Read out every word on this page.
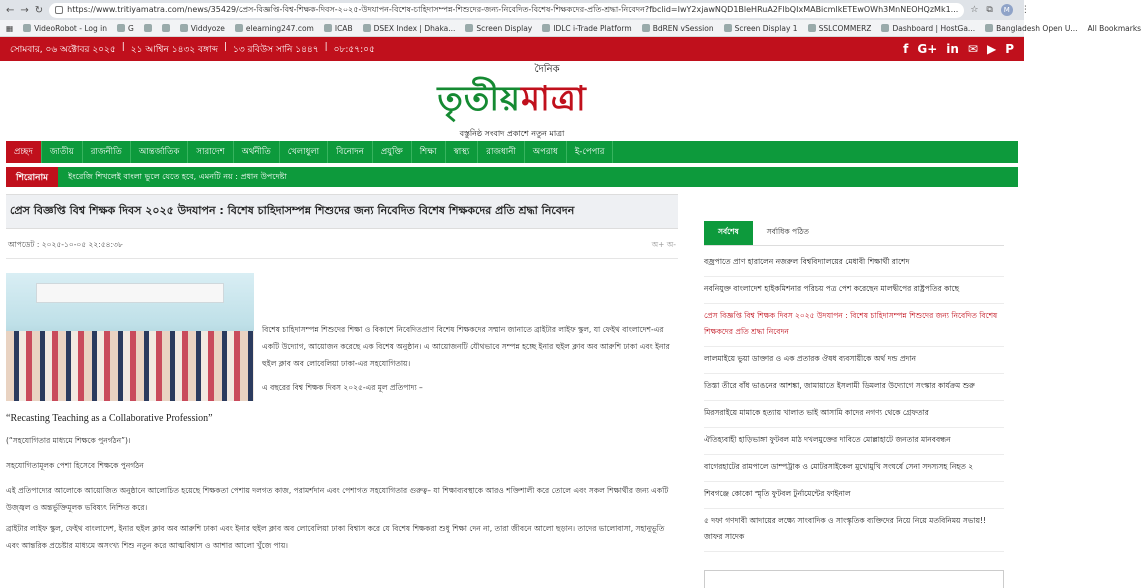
← → ↻	https://www.tritiyamatra.com/news/35429/প্রেস-বিজ্ঞপ্তি-বিশ্ব-শিক্ষক-দিবস-২০২৫-উদযাপন-বিশেষ-চাহিদাসম্পন্ন-শিশুদের-জন্য-নিবেদিত-বিশেষ-শিক্ষকদের-প্রতি-শ্রদ্ধা-নিবেদন?fbclid=IwY2xjawNQD1BleHRuA2FlbQIxMABicmlkETEwOWh3MnNEOHQzMk1... ☆ ⧉	M	⋮
▦	VideoRobot - Log in	G	Viddyoze	elearning247.com	ICAB	DSEX Index | Dhaka...	Screen Display	IDLC i-Trade Platform	BdREN vSession	Screen Display 1	SSLCOMMERZ	Dashboard | HostGa...	Bangladesh Open U... All Bookmarks
সোমবার, ০৬ অক্টোবর ২০২৫ | ২১ আশ্বিন ১৪৩২ বঙ্গাব্দ | ১৩ রবিউস সানি ১৪৪৭ | ০৮:৫৭:০৫	f G+ in ✉ ▶ P
দৈনিক
তৃতীয়মাত্রা
বস্তুনিষ্ঠ সংবাদ প্রকাশে নতুন মাত্রা
প্রচ্ছদ	জাতীয়	রাজনীতি	আন্তর্জাতিক	সারাদেশ	অর্থনীতি	খেলাধুলা	বিনোদন	প্রযুক্তি	শিক্ষা	স্বাস্থ্য	রাজধানী	অপরাধ	ই-পেপার
শিরোনাম	ইংরেজি শিখলেই বাংলা ভুলে যেতে হবে, এমনটি নয় : প্রধান উপদেষ্টা
প্রেস বিজ্ঞপ্তি বিশ্ব শিক্ষক দিবস ২০২৫ উদযাপন : বিশেষ চাহিদাসম্পন্ন শিশুদের জন্য নিবেদিত বিশেষ শিক্ষকদের প্রতি শ্রদ্ধা নিবেদন
আপডেট : ২০২৫-১০-০৫ ২২:৫৪:৩৮	অ+ অ-

বিশেষ চাহিদাসম্পন্ন শিশুদের শিক্ষা ও বিকাশে নিবেদিতপ্রাণ বিশেষ শিক্ষকদের সম্মান জানাতে ব্রাইটার লাইফ স্কুল, যা ফেইথ বাংলাদেশ-এর একটি উদ্যোগ, আয়োজন করেছে এক বিশেষ অনুষ্ঠান। এ আয়োজনটি যৌথভাবে সম্পন্ন হচ্ছে ইনার হুইল ক্লাব অব আরুশি ঢাকা এবং ইনার হুইল ক্লাব অব লোবেলিয়া ঢাকা-এর সহযোগিতায়।

এ বছরের বিশ্ব শিক্ষক দিবস ২০২৫-এর মূল প্রতিপাদ্য –

“Recasting Teaching as a Collaborative Profession”
(“সহযোগিতার মাধ্যমে শিক্ষকে পুনর্গঠন”)।
সহযোগিতামূলক পেশা হিসেবে শিক্ষকে পুনর্গঠন
এই প্রতিপাদ্যের আলোকে আয়োজিত অনুষ্ঠানে আলোচিত হয়েছে শিক্ষকতা পেশায় দলগত কাজ, পরামর্শদান এবং পেশাগত সহযোগিতার গুরুত্ব– যা শিক্ষাব্যবস্থাকে আরও শক্তিশালী করে তোলে এবং সকল শিক্ষার্থীর জন্য একটি উজ্জ্বল ও অন্তর্ভুক্তিমূলক ভবিষ্যৎ নিশ্চিত করে।
ব্রাইটার লাইফ স্কুল, ফেইথ বাংলাদেশ, ইনার হুইল ক্লাব অব আরুশি ঢাকা এবং ইনার হুইল ক্লাব অব লোবেলিয়া ঢাকা বিশ্বাস করে যে বিশেষ শিক্ষকরা শুধু শিক্ষা দেন না, তারা জীবনে আলো ছড়ান। তাদের ভালোবাসা, সহানুভূতি এবং আন্তরিক প্রচেষ্টার মাধ্যমে অসংখ্য শিশু নতুন করে আত্মবিশ্বাস ও আশার আলো খুঁজে পায়।
সর্বশেষ	সর্বাধিক পঠিত
বজ্রপাতে প্রাণ হারালেন নজরুল বিশ্ববিদ্যালয়ের মেধাবী শিক্ষার্থী রাশেদ
নবনিযুক্ত বাংলাদেশ হাইকমিশনার পরিচয় পত্র পেশ করেছেন মালদ্বীপের রাষ্ট্রপতির কাছে
প্রেস বিজ্ঞপ্তি বিশ্ব শিক্ষক দিবস ২০২৫ উদযাপন : বিশেষ চাহিদাসম্পন্ন শিশুদের জন্য নিবেদিত বিশেষ শিক্ষকদের প্রতি শ্রদ্ধা নিবেদন
লালমাইয়ে ভুয়া ডাক্তার ও এক প্রতারক ঔষধ ব্যবসায়ীকে অর্থ দন্ড প্রদান
তিস্তা তীরে বাঁধ ভাঙনের আশঙ্কা, জামায়াতে ইসলামী ডিমলার উদ্যোগে সংস্কার কার্যক্রম শুরু
মিরসরাইয়ে মামাকে হত্যায় খালাত ভাই আসামি কাদের নগণ্য থেকে গ্রেফতার
ঐতিহ্যবাহী হাড়িভাঙ্গা ফুটবল মাঠ দখলমুক্তের দাবিতে মোল্লাহাটে জনতার মানববন্ধন
বাগেরহাটের রামপালে ডাম্পট্রাক ও মোটরসাইকেল মুখোমুখি সংঘর্ষে সেনা সদস্যসহ নিহত ২
শিবগঞ্জে কোকো স্মৃতি ফুটবল টুর্নামেন্টের ফাইনাল
৫ দফা গণদাবী আদায়ের লক্ষ্যে সাংবাদিক ও সাংস্কৃতিক ব্যক্তিদের নিয়ে নিয়ে মতবিনিময় সভায়!! জাফর সাদেক
